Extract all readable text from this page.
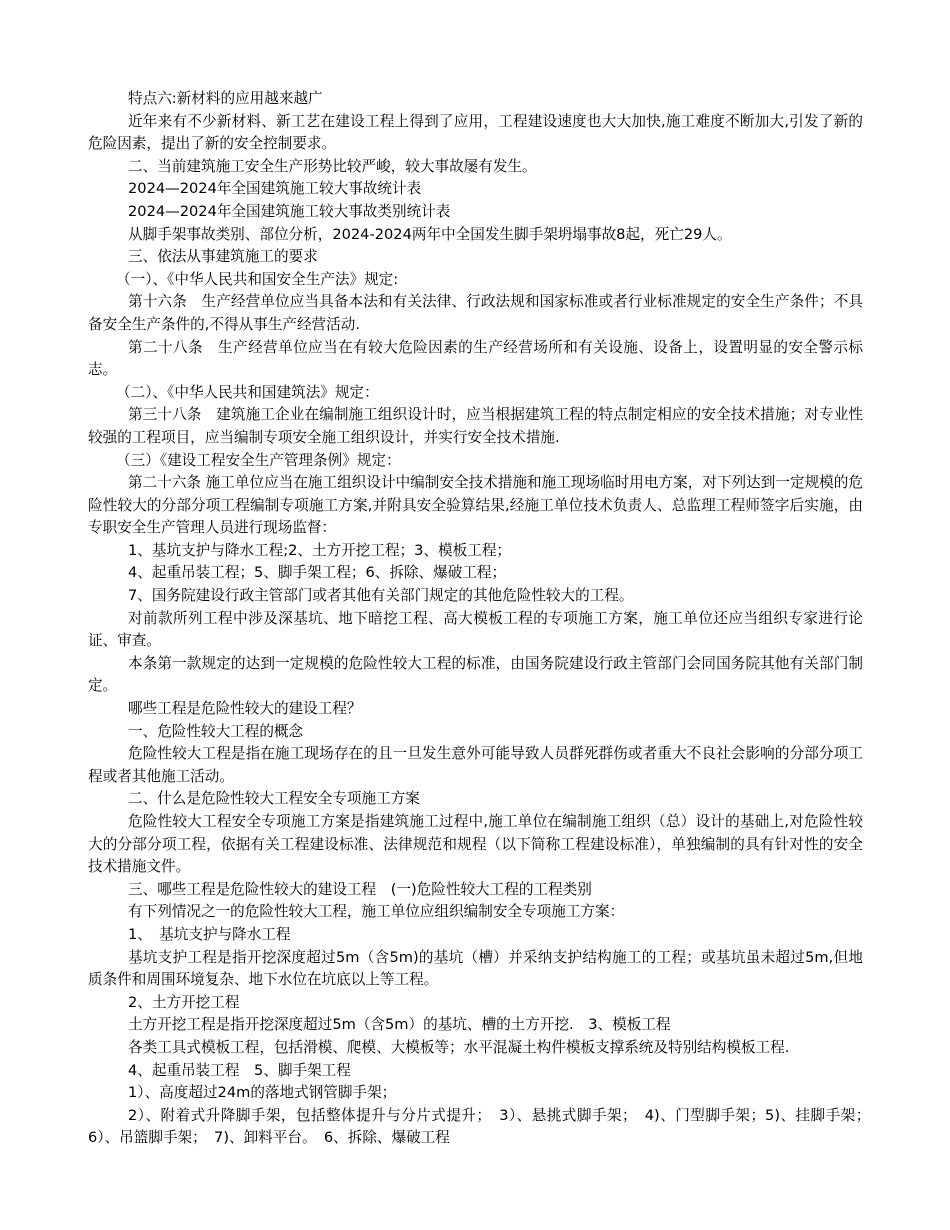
特点六:新材料的应用越来越广

近年来有不少新材料、新工艺在建设工程上得到了应用，工程建设速度也大大加快,施工难度不断加大,引发了新的危险因素，提出了新的安全控制要求。

二、当前建筑施工安全生产形势比较严峻，较大事故屡有发生。

2024—2024年全国建筑施工较大事故统计表

2024—2024年全国建筑施工较大事故类别统计表

从脚手架事故类别、部位分析，2024-2024两年中全国发生脚手架坍塌事故8起，死亡29人。

三、依法从事建筑施工的要求

（一）、《中华人民共和国安全生产法》规定:

第十六条　生产经营单位应当具备本法和有关法律、行政法规和国家标准或者行业标准规定的安全生产条件；不具备安全生产条件的,不得从事生产经营活动.

第二十八条　生产经营单位应当在有较大危险因素的生产经营场所和有关设施、设备上，设置明显的安全警示标志。

（二）、《中华人民共和国建筑法》规定：

第三十八条　建筑施工企业在编制施工组织设计时，应当根据建筑工程的特点制定相应的安全技术措施；对专业性较强的工程项目，应当编制专项安全施工组织设计，并实行安全技术措施.

（三）《建设工程安全生产管理条例》规定：

第二十六条 施工单位应当在施工组织设计中编制安全技术措施和施工现场临时用电方案，对下列达到一定规模的危险性较大的分部分项工程编制专项施工方案,并附具安全验算结果,经施工单位技术负责人、总监理工程师签字后实施，由专职安全生产管理人员进行现场监督：

1、基坑支护与降水工程;2、土方开挖工程；3、模板工程；

4、起重吊装工程；5、脚手架工程；6、拆除、爆破工程；

7、国务院建设行政主管部门或者其他有关部门规定的其他危险性较大的工程。

对前款所列工程中涉及深基坑、地下暗挖工程、高大模板工程的专项施工方案，施工单位还应当组织专家进行论证、审查。

本条第一款规定的达到一定规模的危险性较大工程的标准，由国务院建设行政主管部门会同国务院其他有关部门制定。

哪些工程是危险性较大的建设工程？

一、危险性较大工程的概念

危险性较大工程是指在施工现场存在的且一旦发生意外可能导致人员群死群伤或者重大不良社会影响的分部分项工程或者其他施工活动。

二、什么是危险性较大工程安全专项施工方案

危险性较大工程安全专项施工方案是指建筑施工过程中,施工单位在编制施工组织（总）设计的基础上,对危险性较大的分部分项工程，依据有关工程建设标准、法律规范和规程（以下简称工程建设标准），单独编制的具有针对性的安全技术措施文件。

三、哪些工程是危险性较大的建设工程　(一)危险性较大工程的工程类别

有下列情况之一的危险性较大工程，施工单位应组织编制安全专项施工方案：

1、　基坑支护与降水工程

基坑支护工程是指开挖深度超过5m（含5m)的基坑（槽）并采纳支护结构施工的工程；或基坑虽未超过5m,但地质条件和周围环境复杂、地下水位在坑底以上等工程。

2、土方开挖工程

土方开挖工程是指开挖深度超过5m（含5m）的基坑、槽的土方开挖.　3、模板工程

各类工具式模板工程，包括滑模、爬模、大模板等；水平混凝土构件模板支撑系统及特别结构模板工程.

4、起重吊装工程　5、脚手架工程

1）、高度超过24m的落地式钢管脚手架；

2）、附着式升降脚手架，包括整体提升与分片式提升；　3）、悬挑式脚手架；　4)、门型脚手架；5)、挂脚手架；　6）、吊篮脚手架；　7)、卸料平台。　6、拆除、爆破工程
